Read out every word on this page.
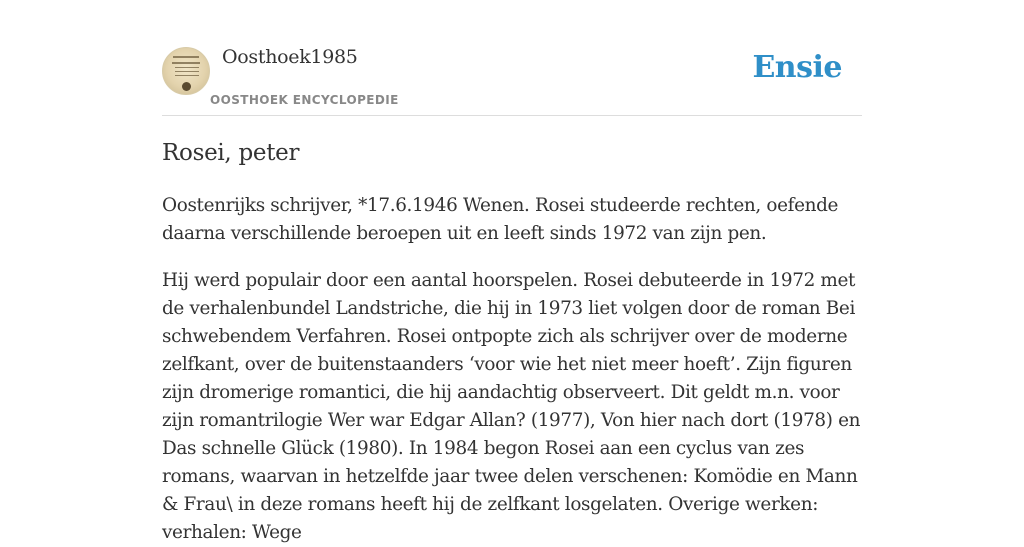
Oosthoek1985
OOSTHOEK ENCYCLOPEDIE
Ensie
Rosei, peter

Oostenrijks schrijver, *17.6.1946 Wenen. Rosei studeerde rechten, oefende daarna verschillende beroepen uit en leeft sinds 1972 van zijn pen.

Hij werd populair door een aantal hoorspelen. Rosei debuteerde in 1972 met de verhalenbundel Landstriche, die hij in 1973 liet volgen door de roman Bei schwebendem Verfahren. Rosei ontpopte zich als schrijver over de moderne zelfkant, over de buitenstaanders ‘voor wie het niet meer hoeft’. Zijn figuren zijn dromerige romantici, die hij aandachtig observeert. Dit geldt m.n. voor zijn romantrilogie Wer war Edgar Allan? (1977), Von hier nach dort (1978) en Das schnelle Glück (1980). In 1984 begon Rosei aan een cyclus van zes romans, waarvan in hetzelfde jaar twee delen verschenen: Komödie en Mann & Frau\ in deze romans heeft hij de zelfkant losgelaten. Overige werken: verhalen: Wege
